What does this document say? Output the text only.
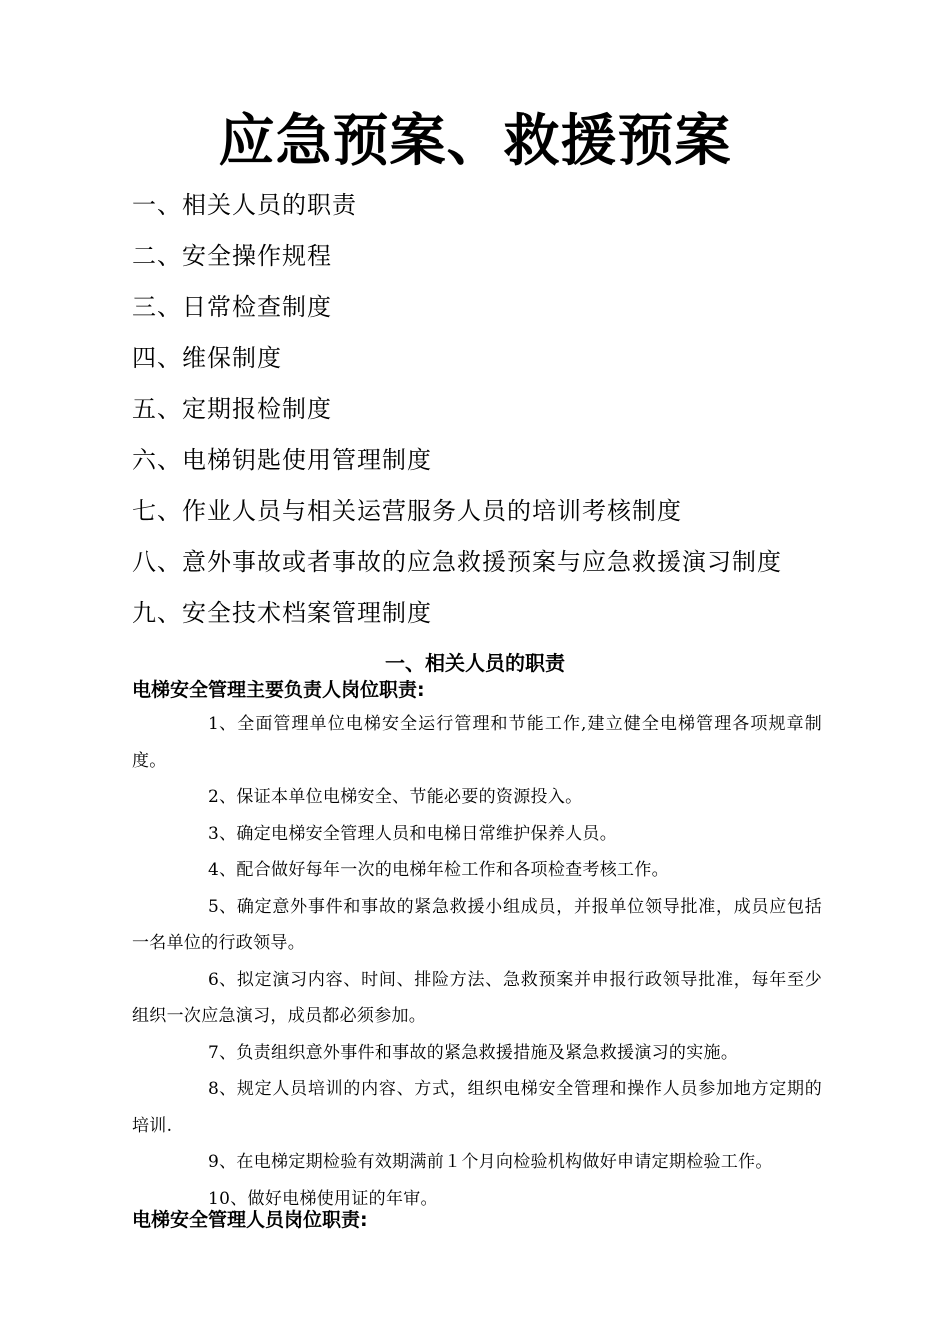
应急预案、救援预案
一、相关人员的职责
二、安全操作规程
三、日常检查制度
四、维保制度
五、定期报检制度
六、电梯钥匙使用管理制度
七、作业人员与相关运营服务人员的培训考核制度
八、意外事故或者事故的应急救援预案与应急救援演习制度
九、安全技术档案管理制度
一、相关人员的职责
电梯安全管理主要负责人岗位职责:
1、全面管理单位电梯安全运行管理和节能工作,建立健全电梯管理各项规章制度。
2、保证本单位电梯安全、节能必要的资源投入。
3、确定电梯安全管理人员和电梯日常维护保养人员。
4、配合做好每年一次的电梯年检工作和各项检查考核工作。
5、确定意外事件和事故的紧急救援小组成员，并报单位领导批准，成员应包括一名单位的行政领导。
6、拟定演习内容、时间、排险方法、急救预案并申报行政领导批准，每年至少组织一次应急演习，成员都必须参加。
7、负责组织意外事件和事故的紧急救援措施及紧急救援演习的实施。
8、规定人员培训的内容、方式，组织电梯安全管理和操作人员参加地方定期的培训.
9、在电梯定期检验有效期满前１个月向检验机构做好申请定期检验工作。
10、做好电梯使用证的年审。
电梯安全管理人员岗位职责:
